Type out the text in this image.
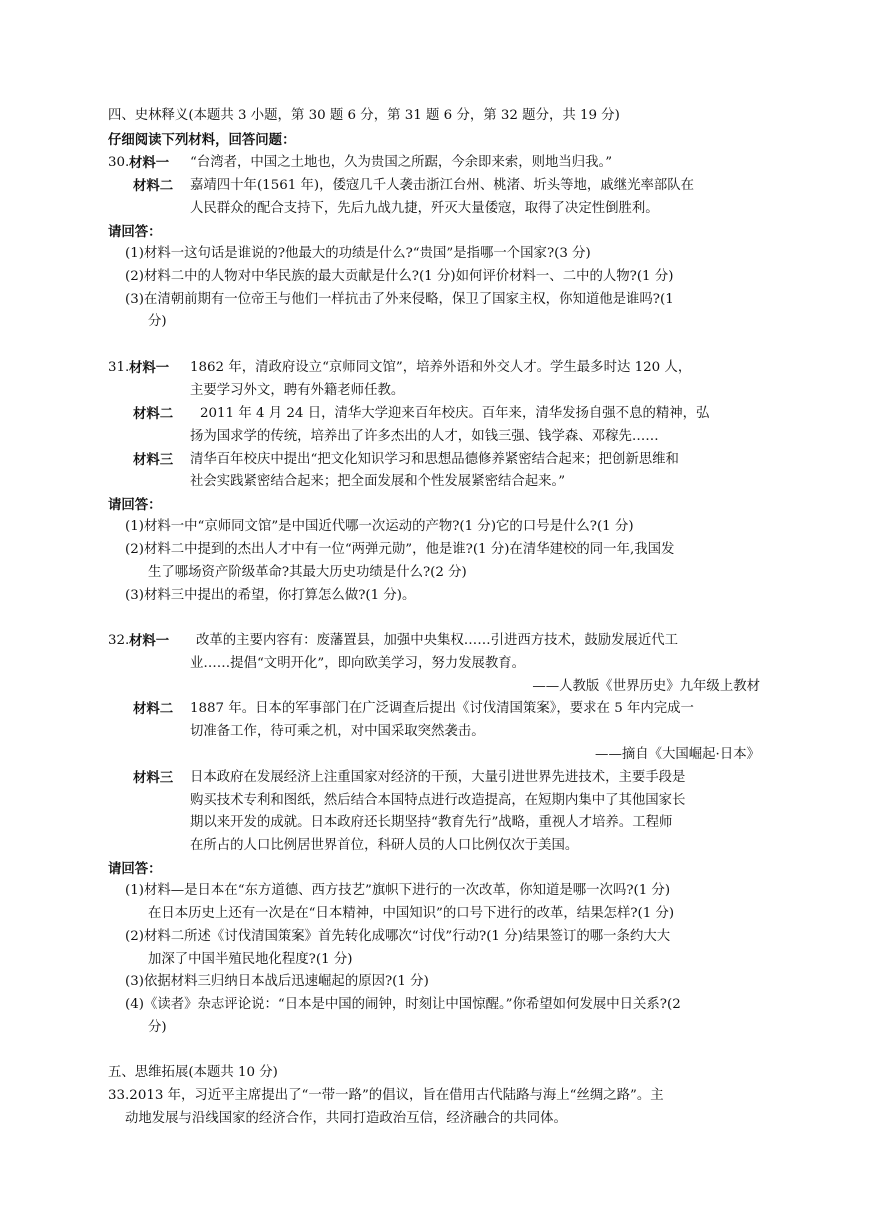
四、史林释义(本题共 3 小题，第 30 题 6 分，第 31 题 6 分，第 32 题分，共 19 分)
仔细阅读下列材料，回答问题：
30. 材料一 “台湾者，中国之土地也，久为贵国之所踞，今余即来索，则地当归我。”
材料二 嘉靖四十年(1561 年)，倭寇几千人袭击浙江台州、桃渚、圻头等地，戚继光率部队在
人民群众的配合支持下，先后九战九捷，歼灭大量倭寇，取得了决定性倒胜利。
请回答：
(1)材料一这句话是谁说的?他最大的功绩是什么?“贵国”是指哪一个国家?(3 分)
(2)材料二中的人物对中华民族的最大贡献是什么?(1 分)如何评价材料一、二中的人物?(1 分)
(3)在清朝前期有一位帝王与他们一样抗击了外来侵略，保卫了国家主权，你知道他是谁吗?(1
分)
31. 材料一 1862 年，清政府设立“京师同文馆”，培养外语和外交人才。学生最多时达 120 人，
主要学习外文，聘有外籍老师任教。
材料二 2011 年 4 月 24 日，清华大学迎来百年校庆。百年来，清华发扬自强不息的精神，弘
扬为国求学的传统，培养出了许多杰出的人才，如钱三强、钱学森、邓稼先……
材料三 清华百年校庆中提出“把文化知识学习和思想品德修养紧密结合起来；把创新思维和
社会实践紧密结合起来；把全面发展和个性发展紧密结合起来。”
请回答：
(1)材料一中“京师同文馆”是中国近代哪一次运动的产物?(1 分)它的口号是什么?(1 分)
(2)材料二中提到的杰出人才中有一位“两弹元勋”，他是谁?(1 分)在清华建校的同一年,我国发
生了哪场资产阶级革命?其最大历史功绩是什么?(2 分)
(3)材料三中提出的希望，你打算怎么做?(1 分)。
32. 材料一 改革的主要内容有：废藩置县，加强中央集权……引进西方技术，鼓励发展近代工
业……提倡“文明开化”，即向欧美学习，努力发展教育。
——人教版《世界历史》九年级上教材
材料二 1887 年。日本的军事部门在广泛调查后提出《讨伐清国策案》，要求在 5 年内完成一
切准备工作，待可乘之机，对中国采取突然袭击。
——摘自《大国崛起·日本》
材料三 日本政府在发展经济上注重国家对经济的干预，大量引进世界先进技术，主要手段是
购买技术专利和图纸，然后结合本国特点进行改造提高，在短期内集中了其他国家长
期以来开发的成就。日本政府还长期坚持“教育先行”战略，重视人才培养。工程师
在所占的人口比例居世界首位，科研人员的人口比例仅次于美国。
请回答：
(1)材料—是日本在“东方道德、西方技艺”旗帜下进行的一次改革，你知道是哪一次吗?(1 分)
在日本历史上还有一次是在“日本精神，中国知识”的口号下进行的改革，结果怎样?(1 分)
(2)材料二所述《讨伐清国策案》首先转化成哪次“讨伐”行动?(1 分)结果签订的哪一条约大大
加深了中国半殖民地化程度?(1 分)
(3)依据材料三归纳日本战后迅速崛起的原因?(1 分)
(4)《读者》杂志评论说：“日本是中国的闹钟，时刻让中国惊醒。”你希望如何发展中日关系?(2
分)
五、思维拓展(本题共 10 分)
33.2013 年，习近平主席提出了“一带一路”的倡议，旨在借用古代陆路与海上“丝绸之路”。主
动地发展与沿线国家的经济合作，共同打造政治互信，经济融合的共同体。
